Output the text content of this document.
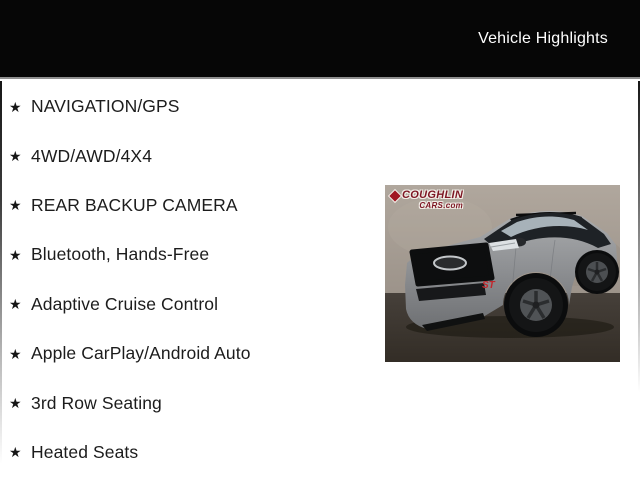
Vehicle Highlights
★ NAVIGATION/GPS
★ 4WD/AWD/4X4
★ REAR BACKUP CAMERA
★ Bluetooth, Hands-Free
★ Adaptive Cruise Control
★ Apple CarPlay/Android Auto
★ 3rd Row Seating
★ Heated Seats
ST
COUGHLIN
CARS.com
